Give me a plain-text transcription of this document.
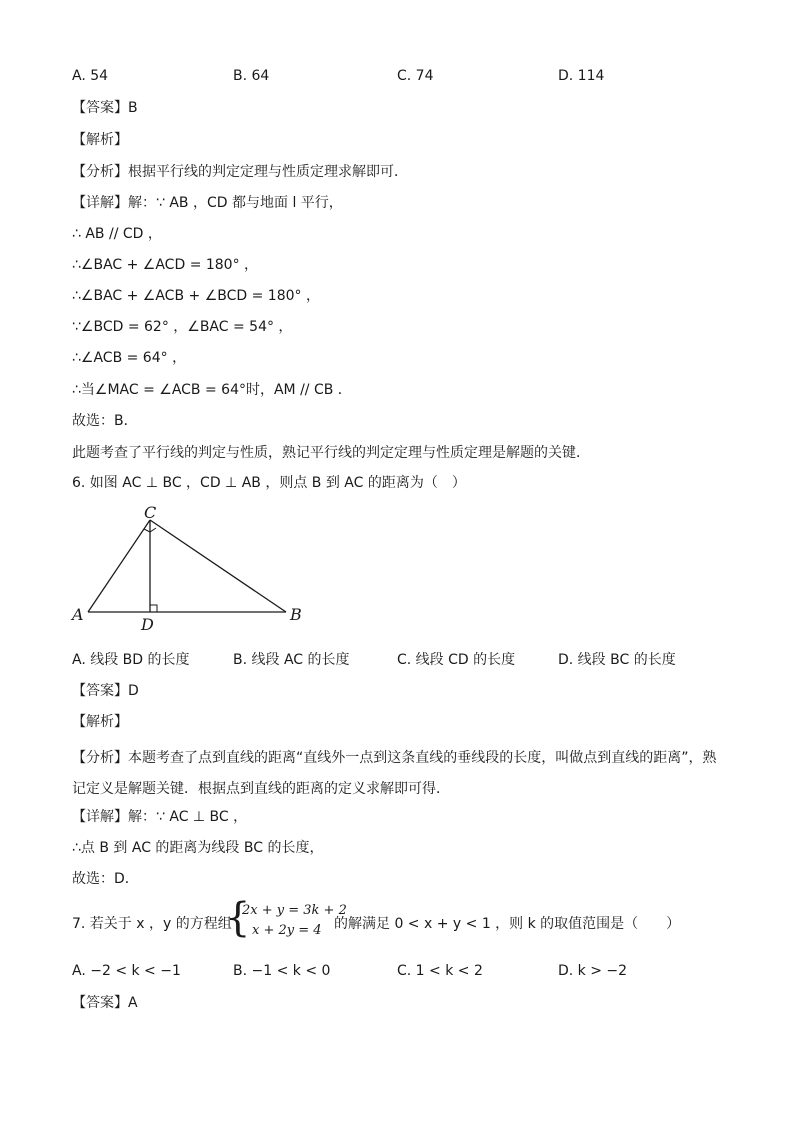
A. 54	B. 64	C. 74	D. 114
【答案】B
【解析】
【分析】根据平行线的判定定理与性质定理求解即可．
【详解】解：∵ AB ，CD 都与地面 l 平行，
∴ AB // CD ，
∴∠BAC + ∠ACD = 180° ，
∴∠BAC + ∠ACB + ∠BCD = 180° ，
∵∠BCD = 62° ，∠BAC = 54° ，
∴∠ACB = 64° ，
∴当∠MAC = ∠ACB = 64°时，AM // CB ．
故选：B．
此题考查了平行线的判定与性质，熟记平行线的判定定理与性质定理是解题的关键．
6. 如图 AC ⊥ BC ，CD ⊥ AB ，则点 B 到 AC 的距离为（　）
C
A	B
D
A. 线段 BD 的长度	B. 线段 AC 的长度	C. 线段 CD 的长度	D. 线段 BC 的长度
【答案】D
【解析】
【分析】本题考查了点到直线的距离“直线外一点到这条直线的垂线段的长度，叫做点到直线的距离”，熟记定义是解题关键．根据点到直线的距离的定义求解即可得．
【详解】解：∵ AC ⊥ BC ，
∴点 B 到 AC 的距离为线段 BC 的长度，
故选：D．
7. 若关于 x ，y 的方程组
{
2x + y = 3k + 2
x + 2y = 4 的解满足 0 < x + y < 1 ，则 k 的取值范围是（　　）
A. −2 < k < −1	B. −1 < k < 0	C. 1 < k < 2	D. k > −2
【答案】A
